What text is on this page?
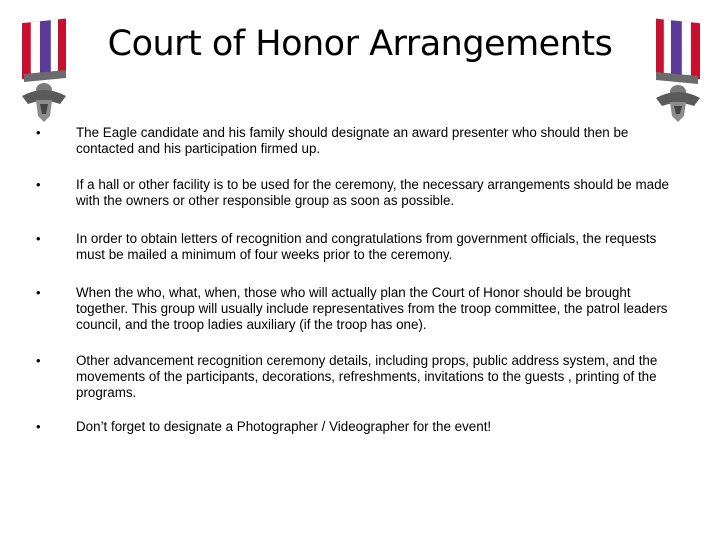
Court of Honor Arrangements
•	The Eagle candidate and his family should designate an award presenter who should then be contacted and his participation firmed up.
•	If a hall or other facility is to be used for the ceremony, the necessary arrangements should be made with the owners or other responsible group as soon as possible.
•	In order to obtain letters of recognition and congratulations from government officials, the requests must be mailed a minimum of four weeks prior to the ceremony.
•	When the who, what, when, those who will actually plan the Court of Honor should be brought together. This group will usually include representatives from the troop committee, the patrol leaders council, and the troop ladies auxiliary (if the troop has one).
•	Other advancement recognition ceremony details, including props, public address system, and the movements of the participants, decorations, refreshments, invitations to the guests , printing of the programs.
•	Don’t forget to designate a Photographer / Videographer for the event!
